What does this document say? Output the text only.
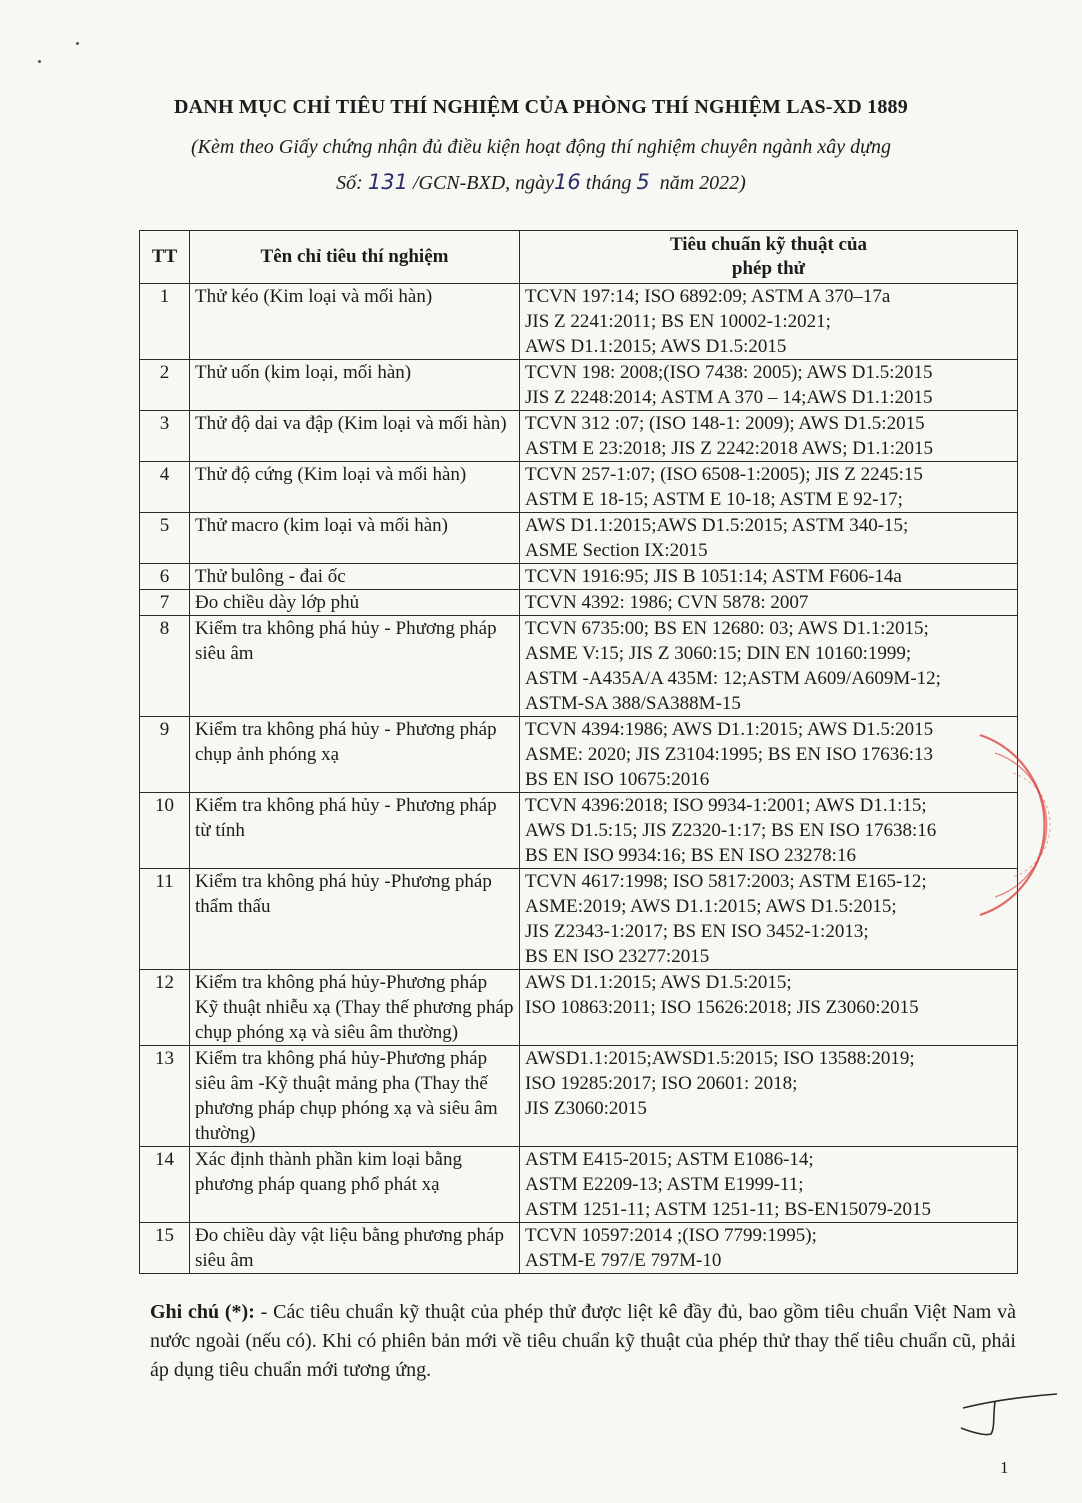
DANH MỤC CHỈ TIÊU THÍ NGHIỆM CỦA PHÒNG THÍ NGHIỆM LAS-XD 1889
(Kèm theo Giấy chứng nhận đủ điều kiện hoạt động thí nghiệm chuyên ngành xây dựng
Số: 131 /GCN-BXD, ngày16 tháng 5 năm 2022)
TT	Tên chỉ tiêu thí nghiệm	Tiêu chuẩn kỹ thuật của
phép thử

1	Thử kéo (Kim loại và mối hàn)	TCVN 197:14; ISO 6892:09; ASTM A 370–17a
JIS Z 2241:2011; BS EN 10002-1:2021;
AWS D1.1:2015; AWS D1.5:2015

2	Thử uốn (kim loại, mối hàn)	TCVN 198: 2008;(ISO 7438: 2005); AWS D1.5:2015
JIS Z 2248:2014; ASTM A 370 – 14;AWS D1.1:2015

3	Thử độ dai va đập (Kim loại và mối hàn)	TCVN 312 :07; (ISO 148-1: 2009); AWS D1.5:2015
ASTM E 23:2018; JIS Z 2242:2018 AWS; D1.1:2015

4	Thử độ cứng (Kim loại và mối hàn)	TCVN 257-1:07; (ISO 6508-1:2005); JIS Z 2245:15
ASTM E 18-15; ASTM E 10-18; ASTM E 92-17;

5	Thử macro (kim loại và mối hàn)	AWS D1.1:2015;AWS D1.5:2015; ASTM 340-15;
ASME Section IX:2015

6	Thử bulông - đai ốc	TCVN 1916:95; JIS B 1051:14; ASTM F606-14a

7	Đo chiều dày lớp phủ	TCVN 4392: 1986; CVN 5878: 2007

8	Kiểm tra không phá hủy - Phương pháp siêu âm	TCVN 6735:00; BS EN 12680: 03; AWS D1.1:2015;
ASME V:15; JIS Z 3060:15; DIN EN 10160:1999;
ASTM -A435A/A 435M: 12;ASTM A609/A609M-12;
ASTM-SA 388/SA388M-15

9	Kiểm tra không phá hủy - Phương pháp chụp ảnh phóng xạ	TCVN 4394:1986; AWS D1.1:2015; AWS D1.5:2015
ASME: 2020; JIS Z3104:1995; BS EN ISO 17636:13
BS EN ISO 10675:2016

10	Kiểm tra không phá hủy - Phương pháp từ tính	TCVN 4396:2018; ISO 9934-1:2001; AWS D1.1:15;
AWS D1.5:15; JIS Z2320-1:17; BS EN ISO 17638:16
BS EN ISO 9934:16; BS EN ISO 23278:16

11	Kiểm tra không phá hủy -Phương pháp thẩm thấu	TCVN 4617:1998; ISO 5817:2003; ASTM E165-12;
ASME:2019; AWS D1.1:2015; AWS D1.5:2015;
JIS Z2343-1:2017; BS EN ISO 3452-1:2013;
BS EN ISO 23277:2015

12	Kiểm tra không phá hủy-Phương pháp Kỹ thuật nhiễu xạ (Thay thế phương pháp chụp phóng xạ và siêu âm thường)	AWS D1.1:2015; AWS D1.5:2015;
ISO 10863:2011; ISO 15626:2018; JIS Z3060:2015

13	Kiểm tra không phá hủy-Phương pháp siêu âm -Kỹ thuật mảng pha (Thay thế phương pháp chụp phóng xạ và siêu âm thường)	AWSD1.1:2015;AWSD1.5:2015; ISO 13588:2019;
ISO 19285:2017; ISO 20601: 2018;
JIS Z3060:2015

14	Xác định thành phần kim loại bằng phương pháp quang phổ phát xạ	ASTM E415-2015; ASTM E1086-14;
ASTM E2209-13; ASTM E1999-11;
ASTM 1251-11; ASTM 1251-11; BS-EN15079-2015

15	Đo chiều dày vật liệu bằng phương pháp siêu âm	TCVN 10597:2014 ;(ISO 7799:1995);
ASTM-E 797/E 797M-10
Ghi chú (*): - Các tiêu chuẩn kỹ thuật của phép thử được liệt kê đầy đủ, bao gồm tiêu chuẩn Việt Nam và nước ngoài (nếu có). Khi có phiên bản mới về tiêu chuẩn kỹ thuật của phép thử thay thế tiêu chuẩn cũ, phải áp dụng tiêu chuẩn mới tương ứng.
1
